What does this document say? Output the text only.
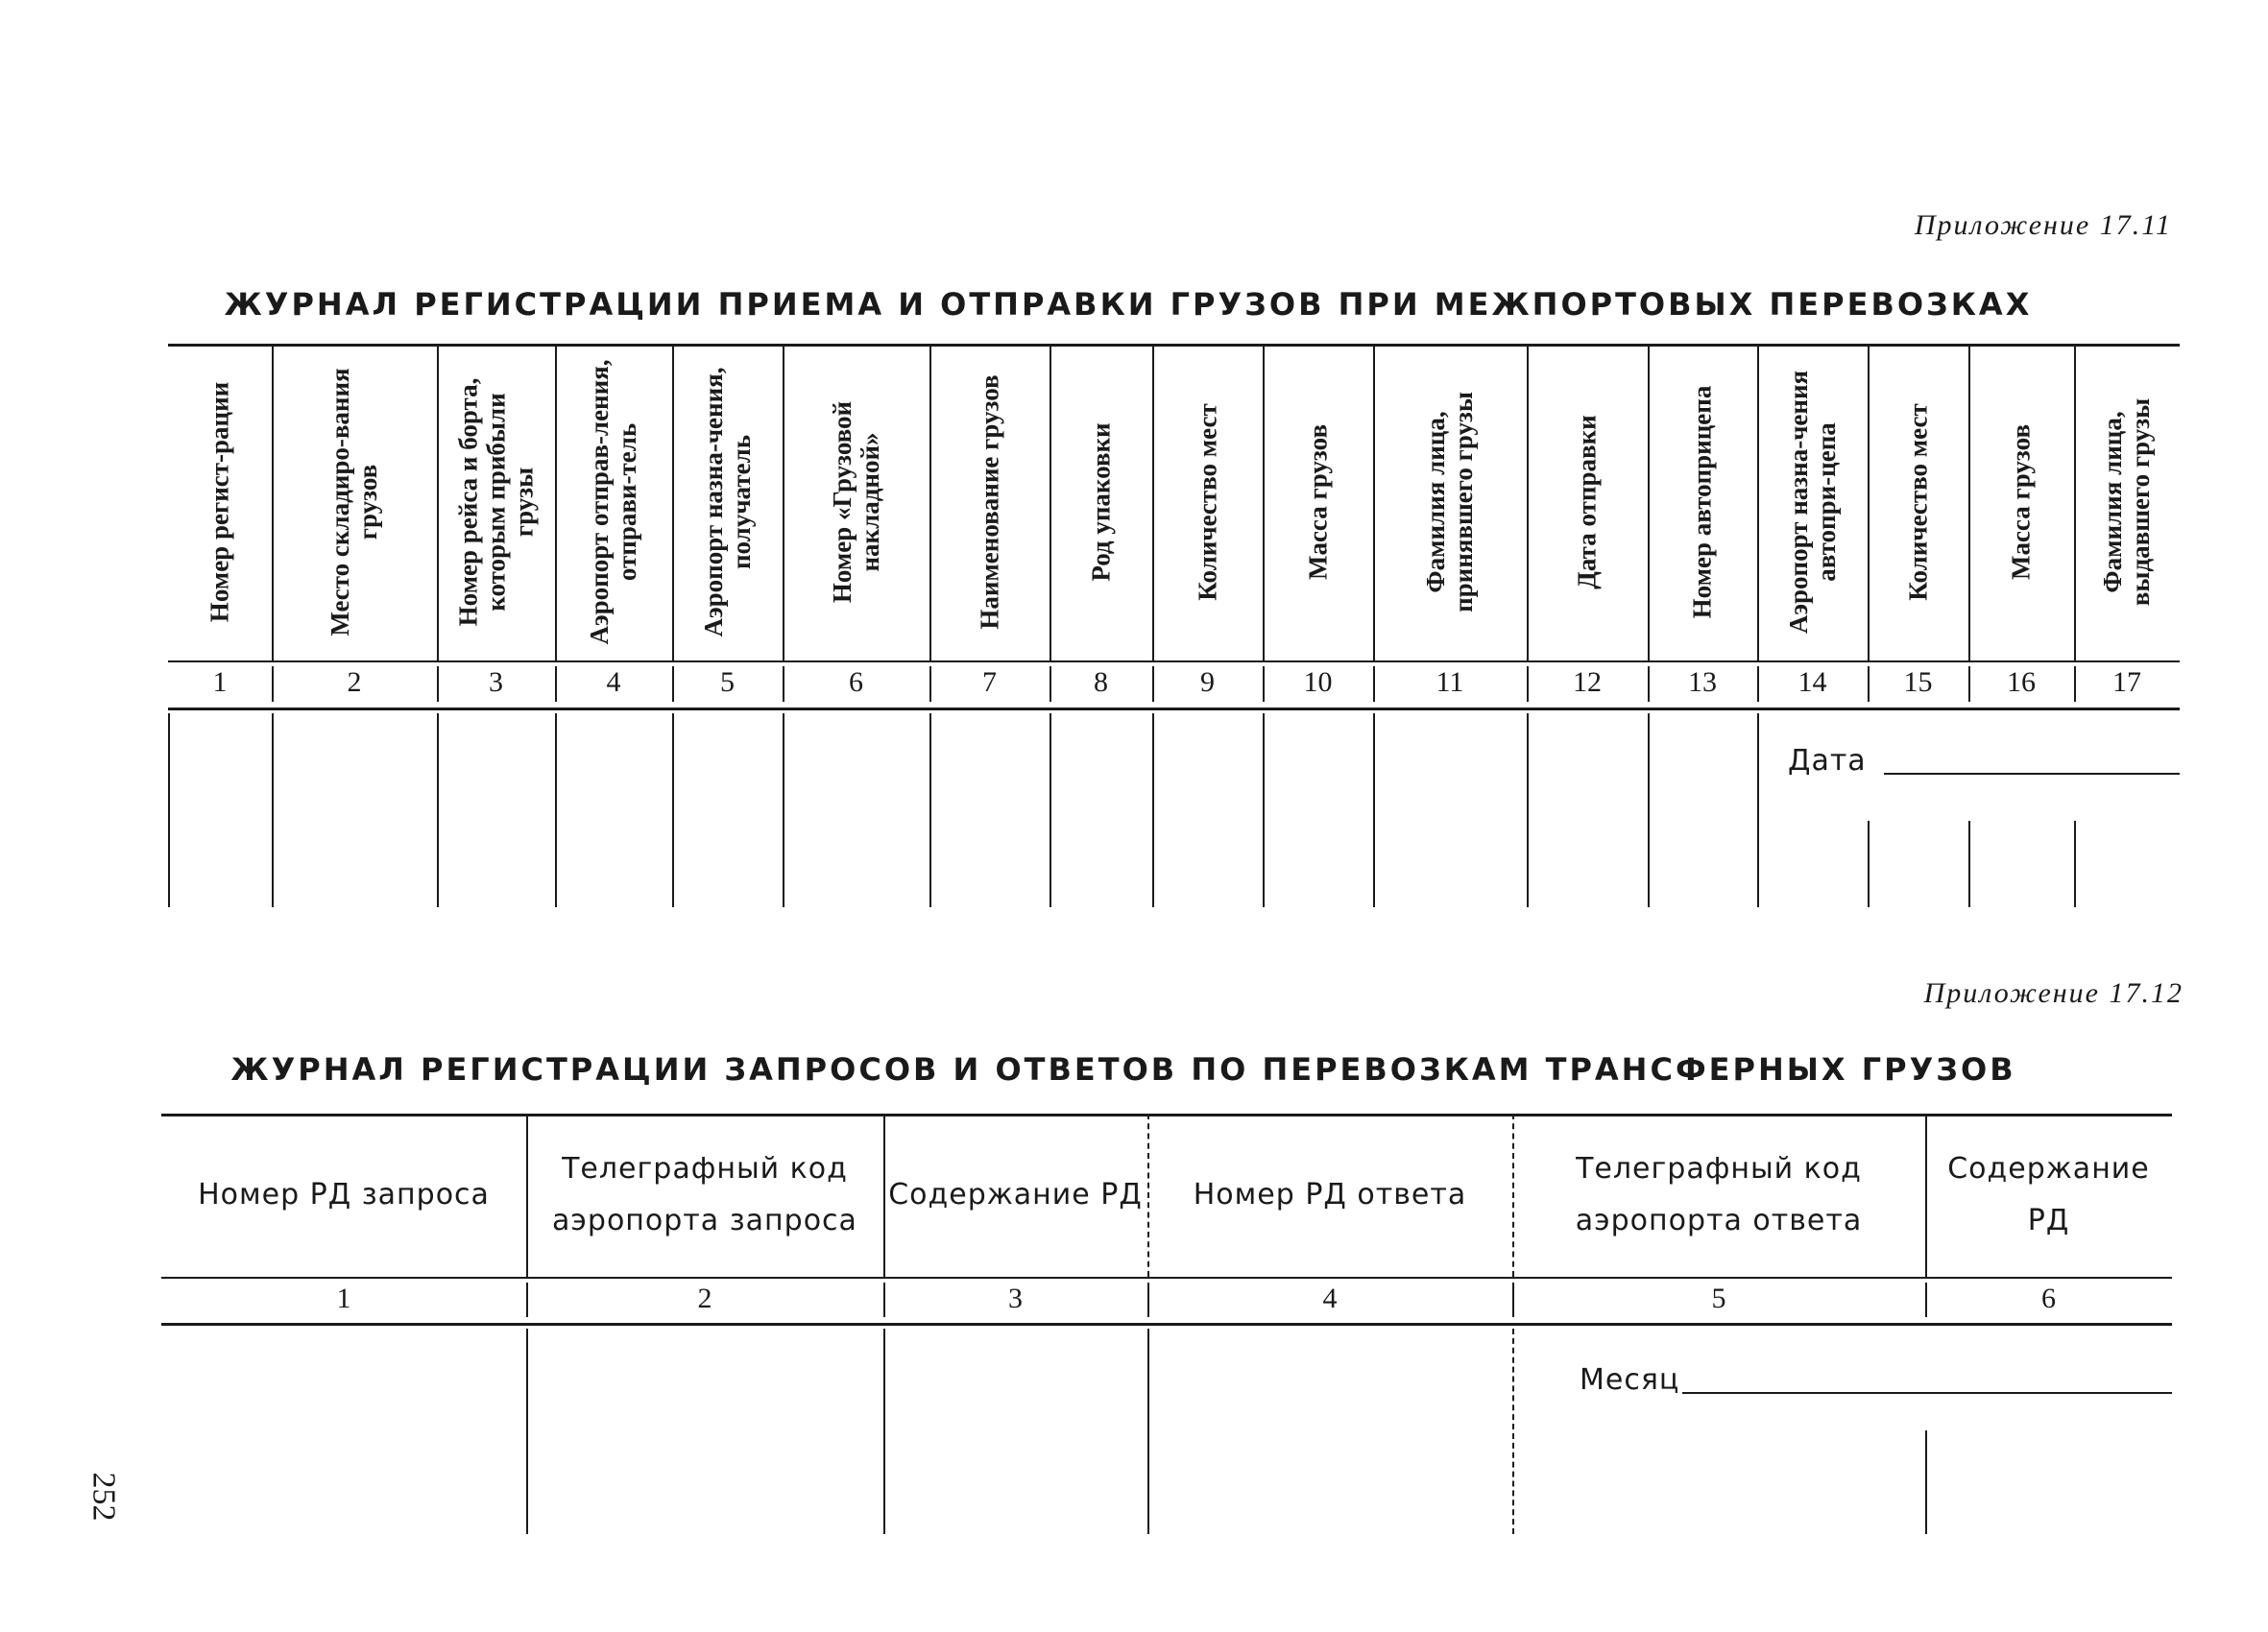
Приложение 17.11
ЖУРНАЛ РЕГИСТРАЦИИ ПРИЕМА И ОТПРАВКИ ГРУЗОВ ПРИ МЕЖПОРТОВЫХ ПЕРЕВОЗКАХ
Номер регист-рации
1
Место складиро-вания грузов
2
Номер рейса и борта, которым прибыли грузы
3
Аэропорт отправ-ления, отправи-тель
4
Аэропорт назна-чения, получатель
5
Номер «Грузовой накладной»
6
Наименование грузов
7
Род упаковки
8
Количество мест
9
Масса грузов
10
Фамилия лица, принявшего грузы
11
Дата отправки
12
Номер автоприцепа
13
Аэропорт назна-чения автопри-цепа
14
Количество мест
15
Масса грузов
16
Фамилия лица, выдавшего грузы
17
Дата
Приложение 17.12
ЖУРНАЛ РЕГИСТРАЦИИ ЗАПРОСОВ И ОТВЕТОВ ПО ПЕРЕВОЗКАМ ТРАНСФЕРНЫХ ГРУЗОВ
Номер РД запроса
1
Телеграфный код аэропорта запроса
2
Содержание РД
3
Номер РД ответа
4
Телеграфный код аэропорта ответа
5
Содержание РД
6
Месяц
252
